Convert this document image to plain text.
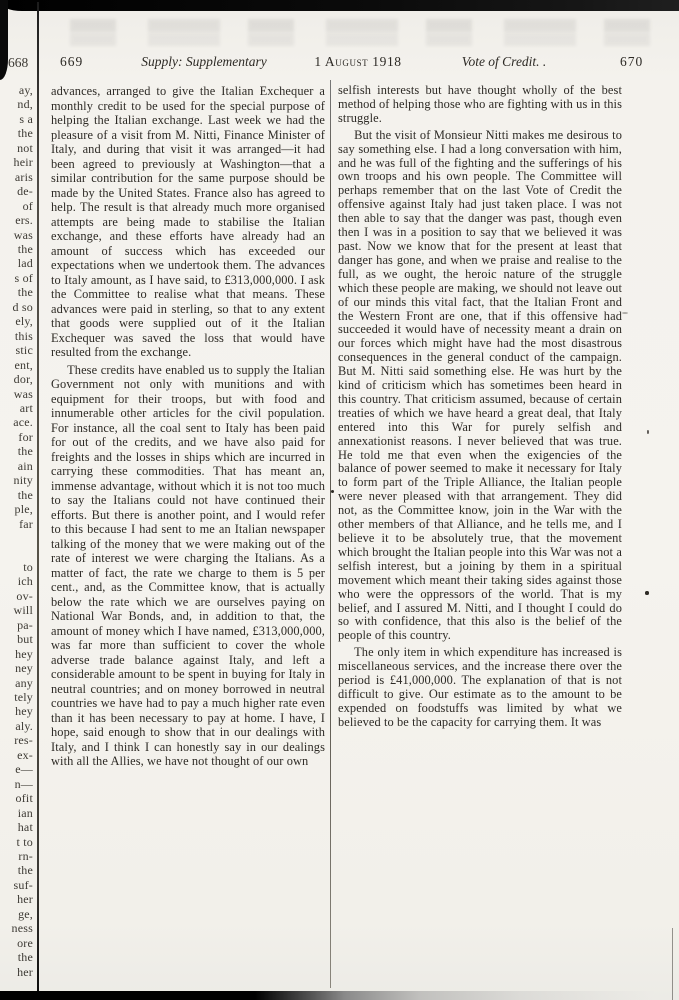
668
ay,
nd,
s a
the
not
heir
aris
de-
of
ers.
was
the
lad
s of
the
d so
ely,
this
stic
ent,
dor,
was
art
ace.
for
the
ain
nity
the
ple,
far

to
ich
ov-
will
pa-
but
hey
ney
any
tely
hey
aly.
res-
ex-
e—
n—
ofit
ian
hat
t to
rn-
the
suf-
her
ge,
ness
ore
the
her
669	Supply: Supplementary	1 August 1918	Vote of Credit. .	670

advances, arranged to give the Italian Exchequer a monthly credit to be used for the special purpose of helping the Italian exchange. Last week we had the pleasure of a visit from M. Nitti, Finance Minister of Italy, and during that visit it was arranged—it had been agreed to previously at Washington—that a similar contribution for the same purpose should be made by the United States. France also has agreed to help. The result is that already much more organised attempts are being made to stabilise the Italian exchange, and these efforts have already had an amount of success which has exceeded our expectations when we undertook them. The advances to Italy amount, as I have said, to £313,000,000. I ask the Committee to realise what that means. These advances were paid in sterling, so that to any extent that goods were supplied out of it the Italian Exchequer was saved the loss that would have resulted from the exchange.

These credits have enabled us to supply the Italian Government not only with munitions and with equipment for their troops, but with food and innumerable other articles for the civil population. For instance, all the coal sent to Italy has been paid for out of the credits, and we have also paid for freights and the losses in ships which are incurred in carrying these commodities. That has meant an, immense advantage, without which it is not too much to say the Italians could not have continued their efforts. But there is another point, and I would refer to this because I had sent to me an Italian newspaper talking of the money that we were making out of the rate of interest we were charging the Italians. As a matter of fact, the rate we charge to them is 5 per cent., and, as the Committee know, that is actually below the rate which we are ourselves paying on National War Bonds, and, in addition to that, the amount of money which I have named, £313,000,000, was far more than sufficient to cover the whole adverse trade balance against Italy, and left a considerable amount to be spent in buying for Italy in neutral countries; and on money borrowed in neutral countries we have had to pay a much higher rate even than it has been necessary to pay at home. I have, I hope, said enough to show that in our dealings with Italy, and I think I can honestly say in our dealings with all the Allies, we have not thought of our own

selfish interests but have thought wholly of the best method of helping those who are fighting with us in this struggle.

But the visit of Monsieur Nitti makes me desirous to say something else. I had a long conversation with him, and he was full of the fighting and the sufferings of his own troops and his own people. The Committee will perhaps remember that on the last Vote of Credit the offensive against Italy had just taken place. I was not then able to say that the danger was past, though even then I was in a position to say that we believed it was past. Now we know that for the present at least that danger has gone, and when we praise and realise to the full, as we ought, the heroic nature of the struggle which these people are making, we should not leave out of our minds this vital fact, that the Italian Front and the Western Front are one, that if this offensive had succeeded it would have of necessity meant a drain on our forces which might have had the most disastrous consequences in the general conduct of the campaign. But M. Nitti said something else. He was hurt by the kind of criticism which has sometimes been heard in this country. That criticism assumed, because of certain treaties of which we have heard a great deal, that Italy entered into this War for purely selfish and annexationist reasons. I never believed that was true. He told me that even when the exigencies of the balance of power seemed to make it necessary for Italy to form part of the Triple Alliance, the Italian people were never pleased with that arrangement. They did not, as the Committee know, join in the War with the other members of that Alliance, and he tells me, and I believe it to be absolutely true, that the movement which brought the Italian people into this War was not a selfish interest, but a joining by them in a spiritual movement which meant their taking sides against those who were the oppressors of the world. That is my belief, and I assured M. Nitti, and I thought I could do so with confidence, that this also is the belief of the people of this country.

The only item in which expenditure has increased is miscellaneous services, and the increase there over the period is £41,000,000. The explanation of that is not difficult to give. Our estimate as to the amount to be expended on foodstuffs was limited by what we believed to be the capacity for carrying them. It was
